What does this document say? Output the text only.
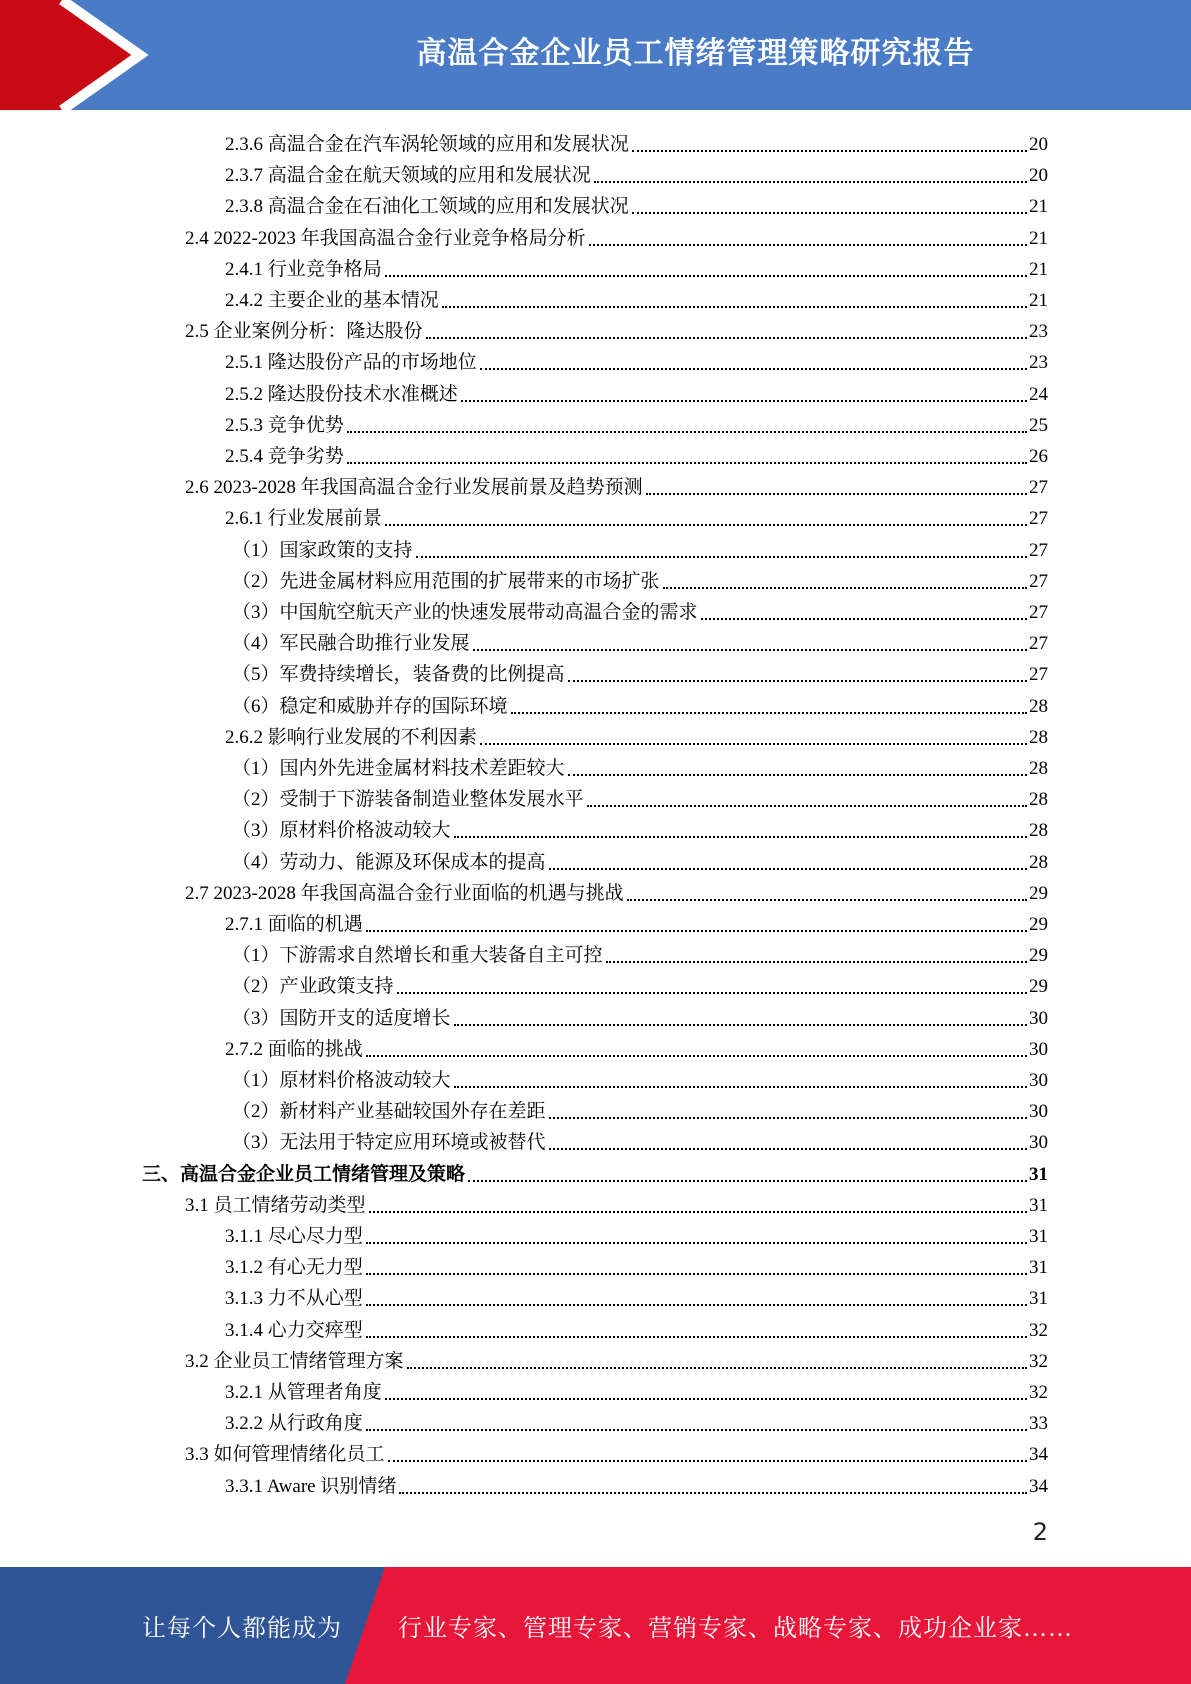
高温合金企业员工情绪管理策略研究报告
2.3.6 高温合金在汽车涡轮领域的应用和发展状况	20
2.3.7 高温合金在航天领域的应用和发展状况	20
2.3.8 高温合金在石油化工领域的应用和发展状况	21
2.4 2022-2023 年我国高温合金行业竞争格局分析	21
2.4.1 行业竞争格局	21
2.4.2 主要企业的基本情况	21
2.5 企业案例分析：隆达股份	23
2.5.1 隆达股份产品的市场地位	23
2.5.2 隆达股份技术水准概述	24
2.5.3 竞争优势	25
2.5.4 竞争劣势	26
2.6 2023-2028 年我国高温合金行业发展前景及趋势预测	27
2.6.1 行业发展前景	27
（1）国家政策的支持	27
（2）先进金属材料应用范围的扩展带来的市场扩张	27
（3）中国航空航天产业的快速发展带动高温合金的需求	27
（4）军民融合助推行业发展	27
（5）军费持续增长，装备费的比例提高	27
（6）稳定和威胁并存的国际环境	28
2.6.2 影响行业发展的不利因素	28
（1）国内外先进金属材料技术差距较大	28
（2）受制于下游装备制造业整体发展水平	28
（3）原材料价格波动较大	28
（4）劳动力、能源及环保成本的提高	28
2.7 2023-2028 年我国高温合金行业面临的机遇与挑战	29
2.7.1 面临的机遇	29
（1）下游需求自然增长和重大装备自主可控	29
（2）产业政策支持	29
（3）国防开支的适度增长	30
2.7.2 面临的挑战	30
（1）原材料价格波动较大	30
（2）新材料产业基础较国外存在差距	30
（3）无法用于特定应用环境或被替代	30
三、高温合金企业员工情绪管理及策略	31
3.1 员工情绪劳动类型	31
3.1.1 尽心尽力型	31
3.1.2 有心无力型	31
3.1.3 力不从心型	31
3.1.4 心力交瘁型	32
3.2 企业员工情绪管理方案	32
3.2.1 从管理者角度	32
3.2.2 从行政角度	33
3.3 如何管理情绪化员工	34
3.3.1 Aware 识别情绪	34
2
让每个人都能成为 行业专家、管理专家、营销专家、战略专家、成功企业家……
